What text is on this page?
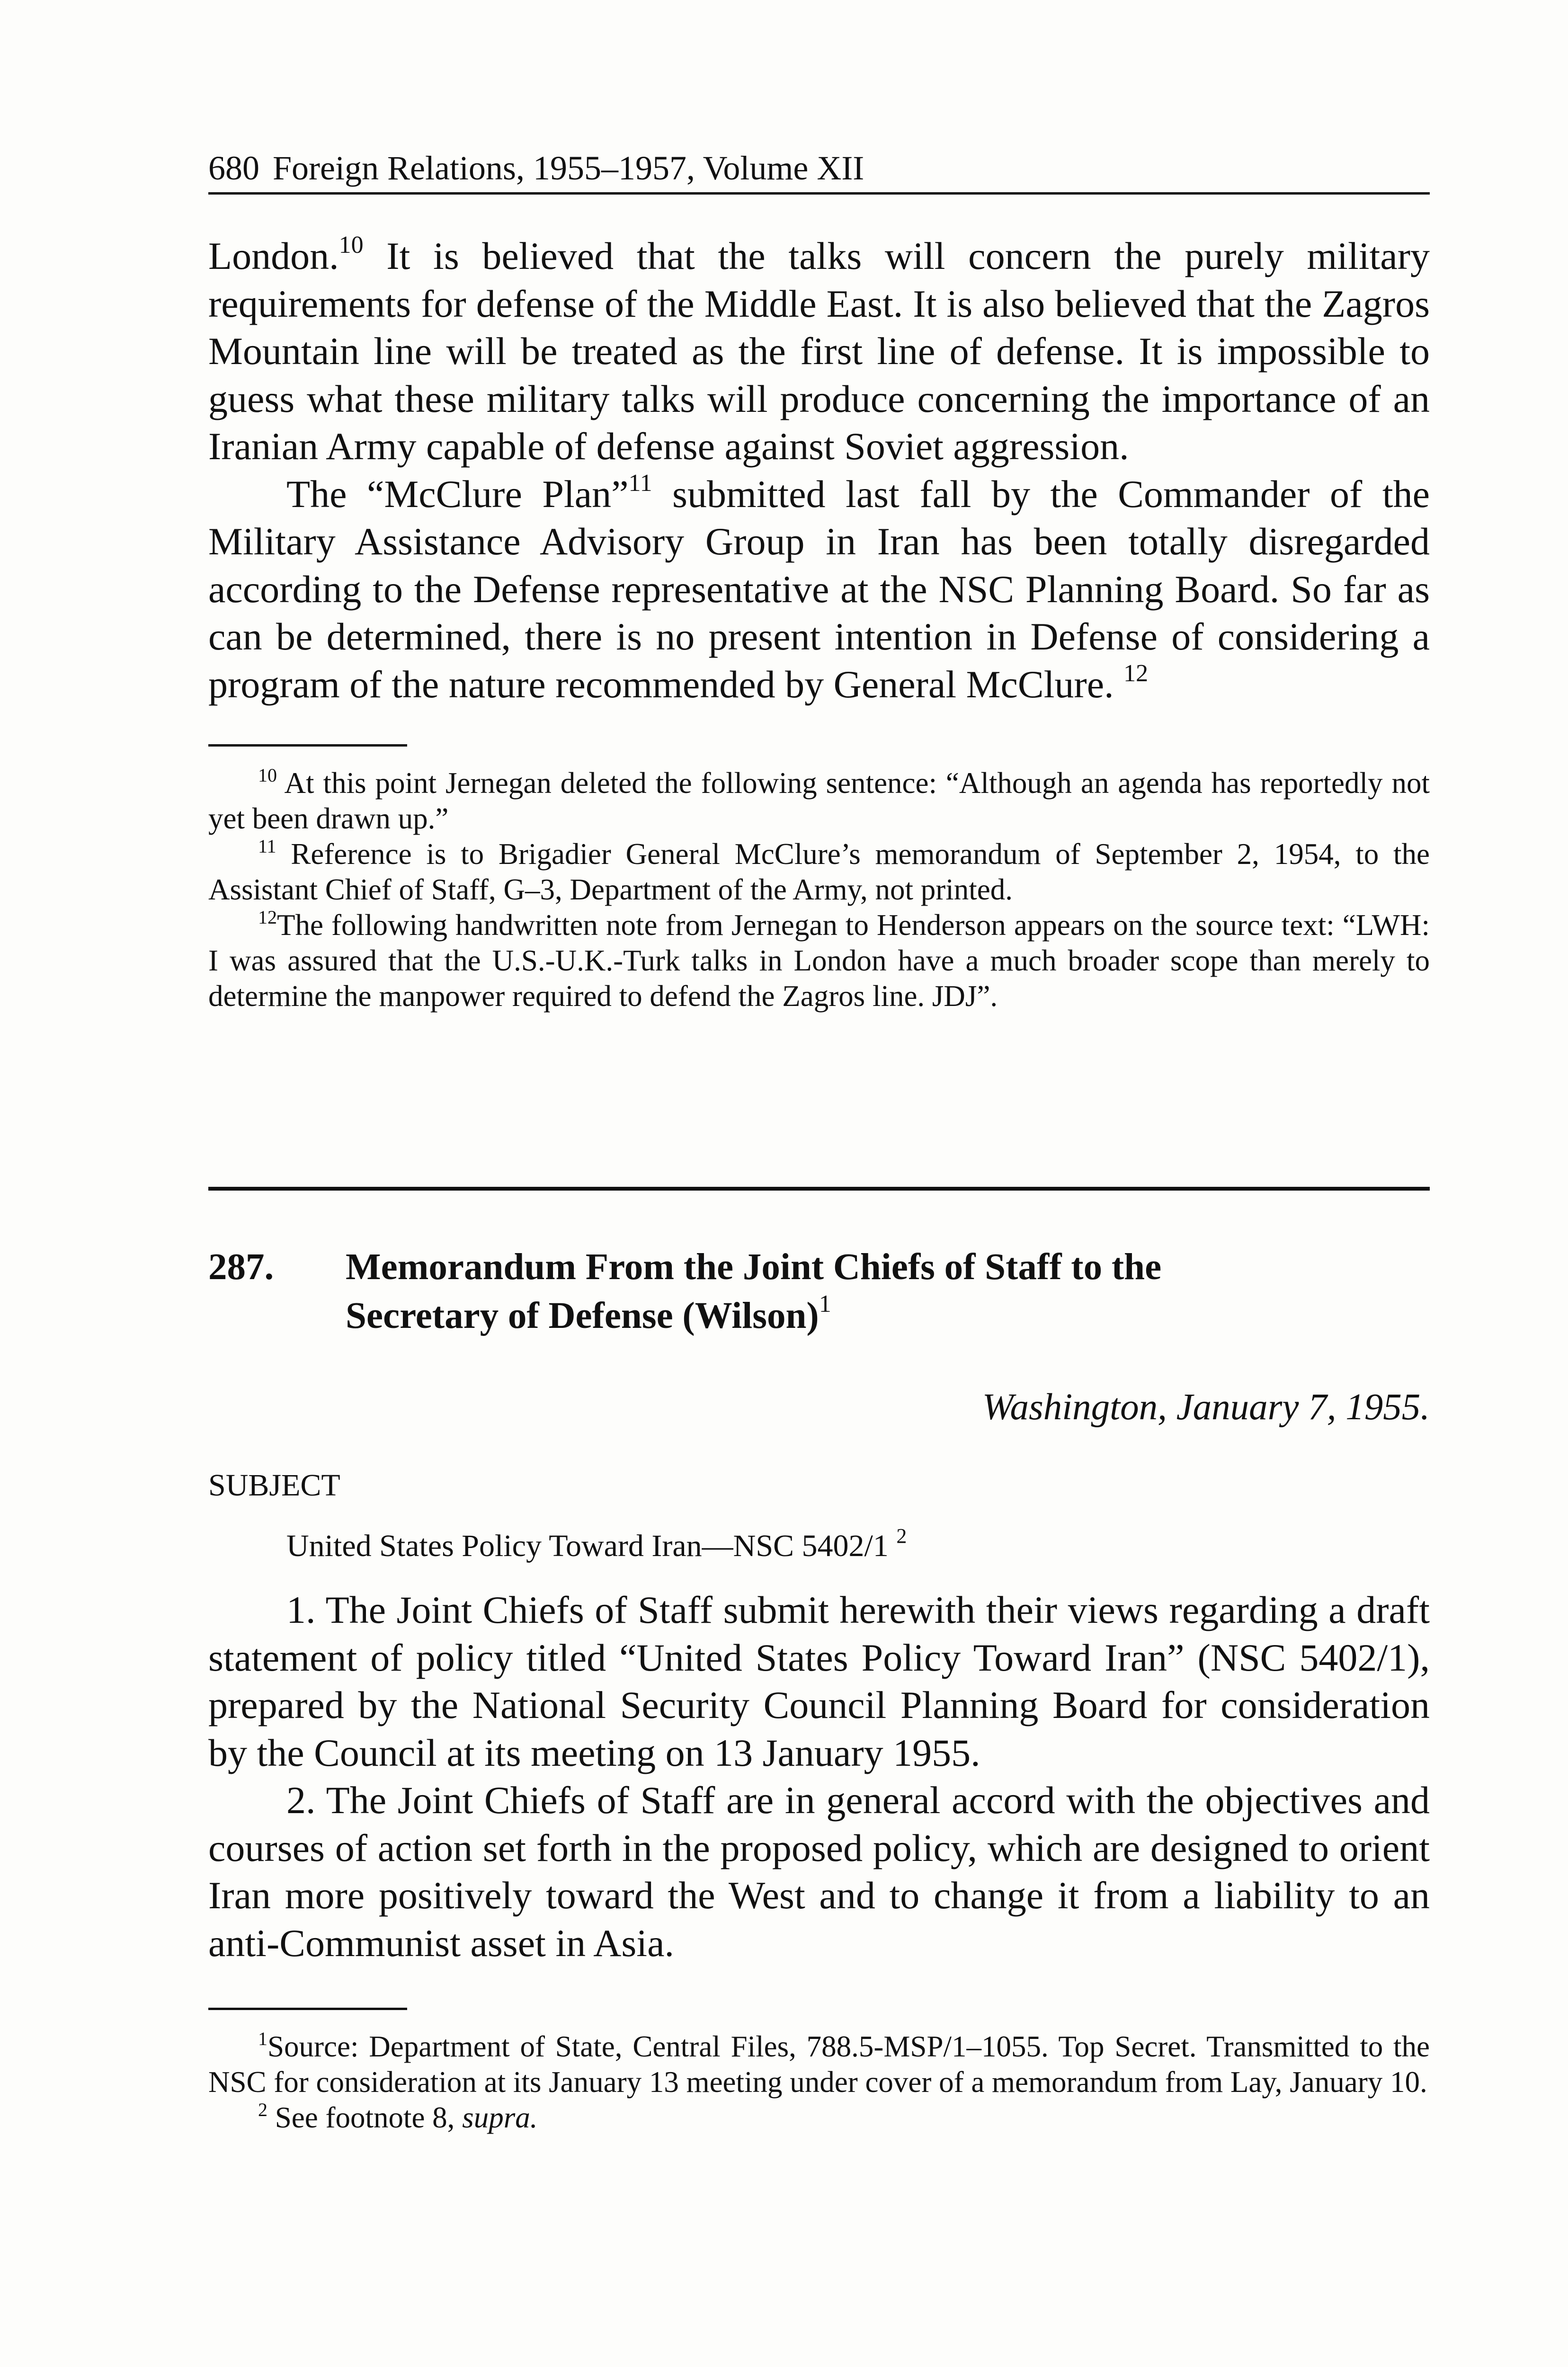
680 Foreign Relations, 1955–1957, Volume XII

London.$^{10}$ It is believed that the talks will concern the purely military requirements for defense of the Middle East. It is also believed that the Zagros Mountain line will be treated as the first line of defense. It is impossible to guess what these military talks will produce concerning the importance of an Iranian Army capable of defense against Soviet aggression.

The “McClure Plan”$^{11}$ submitted last fall by the Commander of the Military Assistance Advisory Group in Iran has been totally disregarded according to the Defense representative at the NSC Planning Board. So far as can be determined, there is no present intention in Defense of considering a program of the nature recommended by General McClure. $^{12}$

$^{10}$ At this point Jernegan deleted the following sentence: “Although an agenda has reportedly not yet been drawn up.”

$^{11}$ Reference is to Brigadier General McClure’s memorandum of September 2, 1954, to the Assistant Chief of Staff, G–3, Department of the Army, not printed.

$^{12}$The following handwritten note from Jernegan to Henderson appears on the source text: “LWH: I was assured that the U.S.-U.K.-Turk talks in London have a much broader scope than merely to determine the manpower required to defend the Zagros line. JDJ”.

287.	Memorandum From the Joint Chiefs of Staff to the Secretary of Defense (Wilson)$^1$
Washington, January 7, 1955.
SUBJECT
United States Policy Toward Iran—NSC 5402/1 $^2$

1. The Joint Chiefs of Staff submit herewith their views regarding a draft statement of policy titled “United States Policy Toward Iran” (NSC 5402/1), prepared by the National Security Council Planning Board for consideration by the Council at its meeting on 13 January 1955.

2. The Joint Chiefs of Staff are in general accord with the objectives and courses of action set forth in the proposed policy, which are designed to orient Iran more positively toward the West and to change it from a liability to an anti-Communist asset in Asia.

$^1$Source: Department of State, Central Files, 788.5-MSP/1–1055. Top Secret. Transmitted to the NSC for consideration at its January 13 meeting under cover of a memorandum from Lay, January 10.

$^2$ See footnote 8, supra.
